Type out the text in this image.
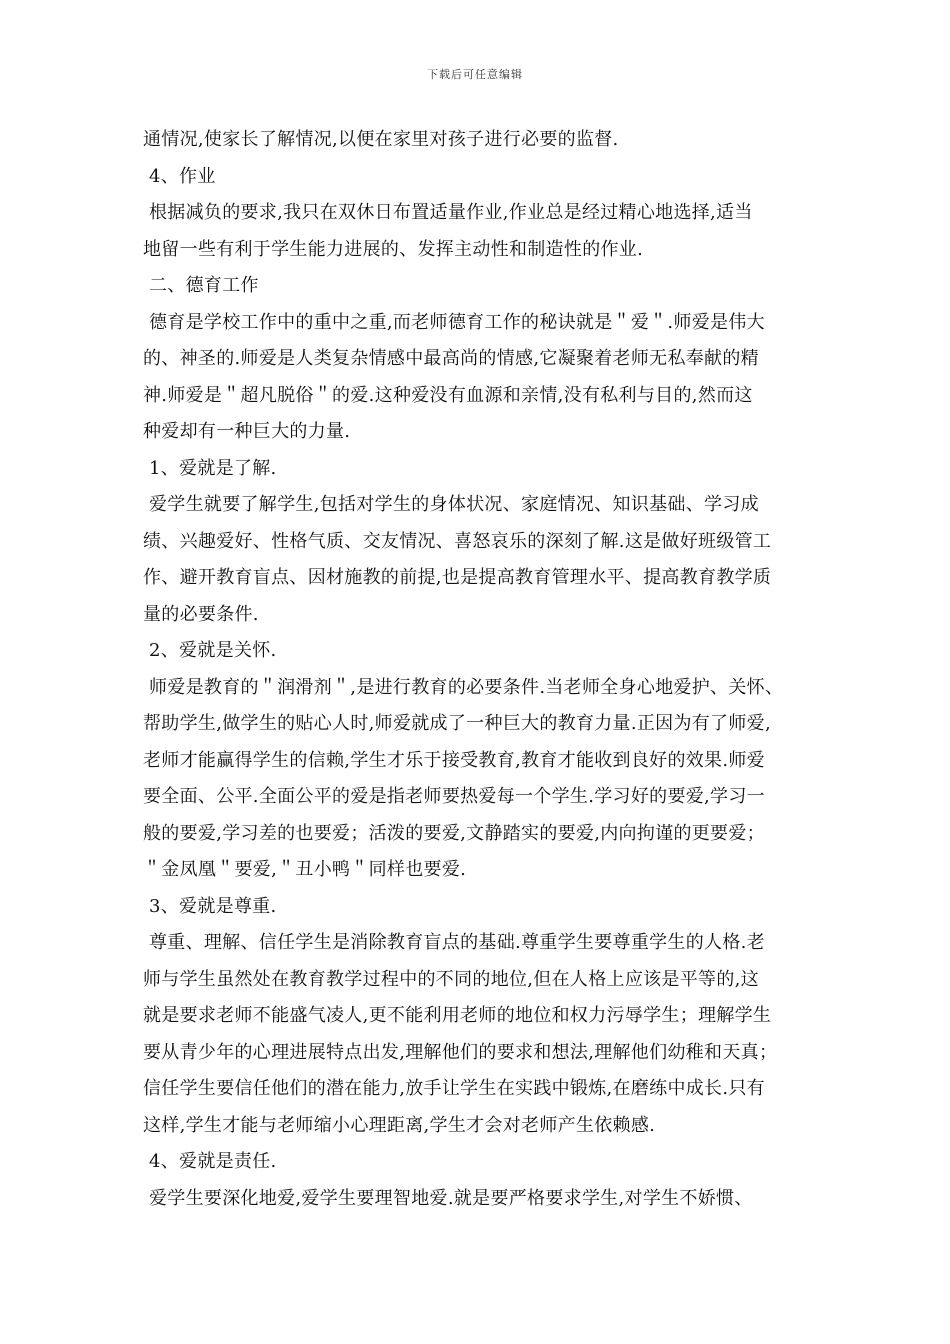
下载后可任意编辑
通情况,使家长了解情况,以便在家里对孩子进行必要的监督.
4、作业
根据减负的要求,我只在双休日布置适量作业,作业总是经过精心地选择,适当
地留一些有利于学生能力进展的、发挥主动性和制造性的作业.
二、德育工作
德育是学校工作中的重中之重,而老师德育工作的秘诀就是＂爱＂.师爱是伟大
的、神圣的.师爱是人类复杂情感中最高尚的情感,它凝聚着老师无私奉献的精
神.师爱是＂超凡脱俗＂的爱.这种爱没有血源和亲情,没有私利与目的,然而这
种爱却有一种巨大的力量.
1、爱就是了解.
爱学生就要了解学生,包括对学生的身体状况、家庭情况、知识基础、学习成
绩、兴趣爱好、性格气质、交友情况、喜怒哀乐的深刻了解.这是做好班级管工
作、避开教育盲点、因材施教的前提,也是提高教育管理水平、提高教育教学质
量的必要条件.
2、爱就是关怀.
师爱是教育的＂润滑剂＂,是进行教育的必要条件.当老师全身心地爱护、关怀、
帮助学生,做学生的贴心人时,师爱就成了一种巨大的教育力量.正因为有了师爱,
老师才能赢得学生的信赖,学生才乐于接受教育,教育才能收到良好的效果.师爱
要全面、公平.全面公平的爱是指老师要热爱每一个学生.学习好的要爱,学习一
般的要爱,学习差的也要爱；活泼的要爱,文静踏实的要爱,内向拘谨的更要爱；
＂金凤凰＂要爱,＂丑小鸭＂同样也要爱.
3、爱就是尊重.
尊重、理解、信任学生是消除教育盲点的基础.尊重学生要尊重学生的人格.老
师与学生虽然处在教育教学过程中的不同的地位,但在人格上应该是平等的,这
就是要求老师不能盛气凌人,更不能利用老师的地位和权力污辱学生；理解学生
要从青少年的心理进展特点出发,理解他们的要求和想法,理解他们幼稚和天真；
信任学生要信任他们的潜在能力,放手让学生在实践中锻炼,在磨练中成长.只有
这样,学生才能与老师缩小心理距离,学生才会对老师产生依赖感.
4、爱就是责任.
爱学生要深化地爱,爱学生要理智地爱.就是要严格要求学生,对学生不娇惯、
